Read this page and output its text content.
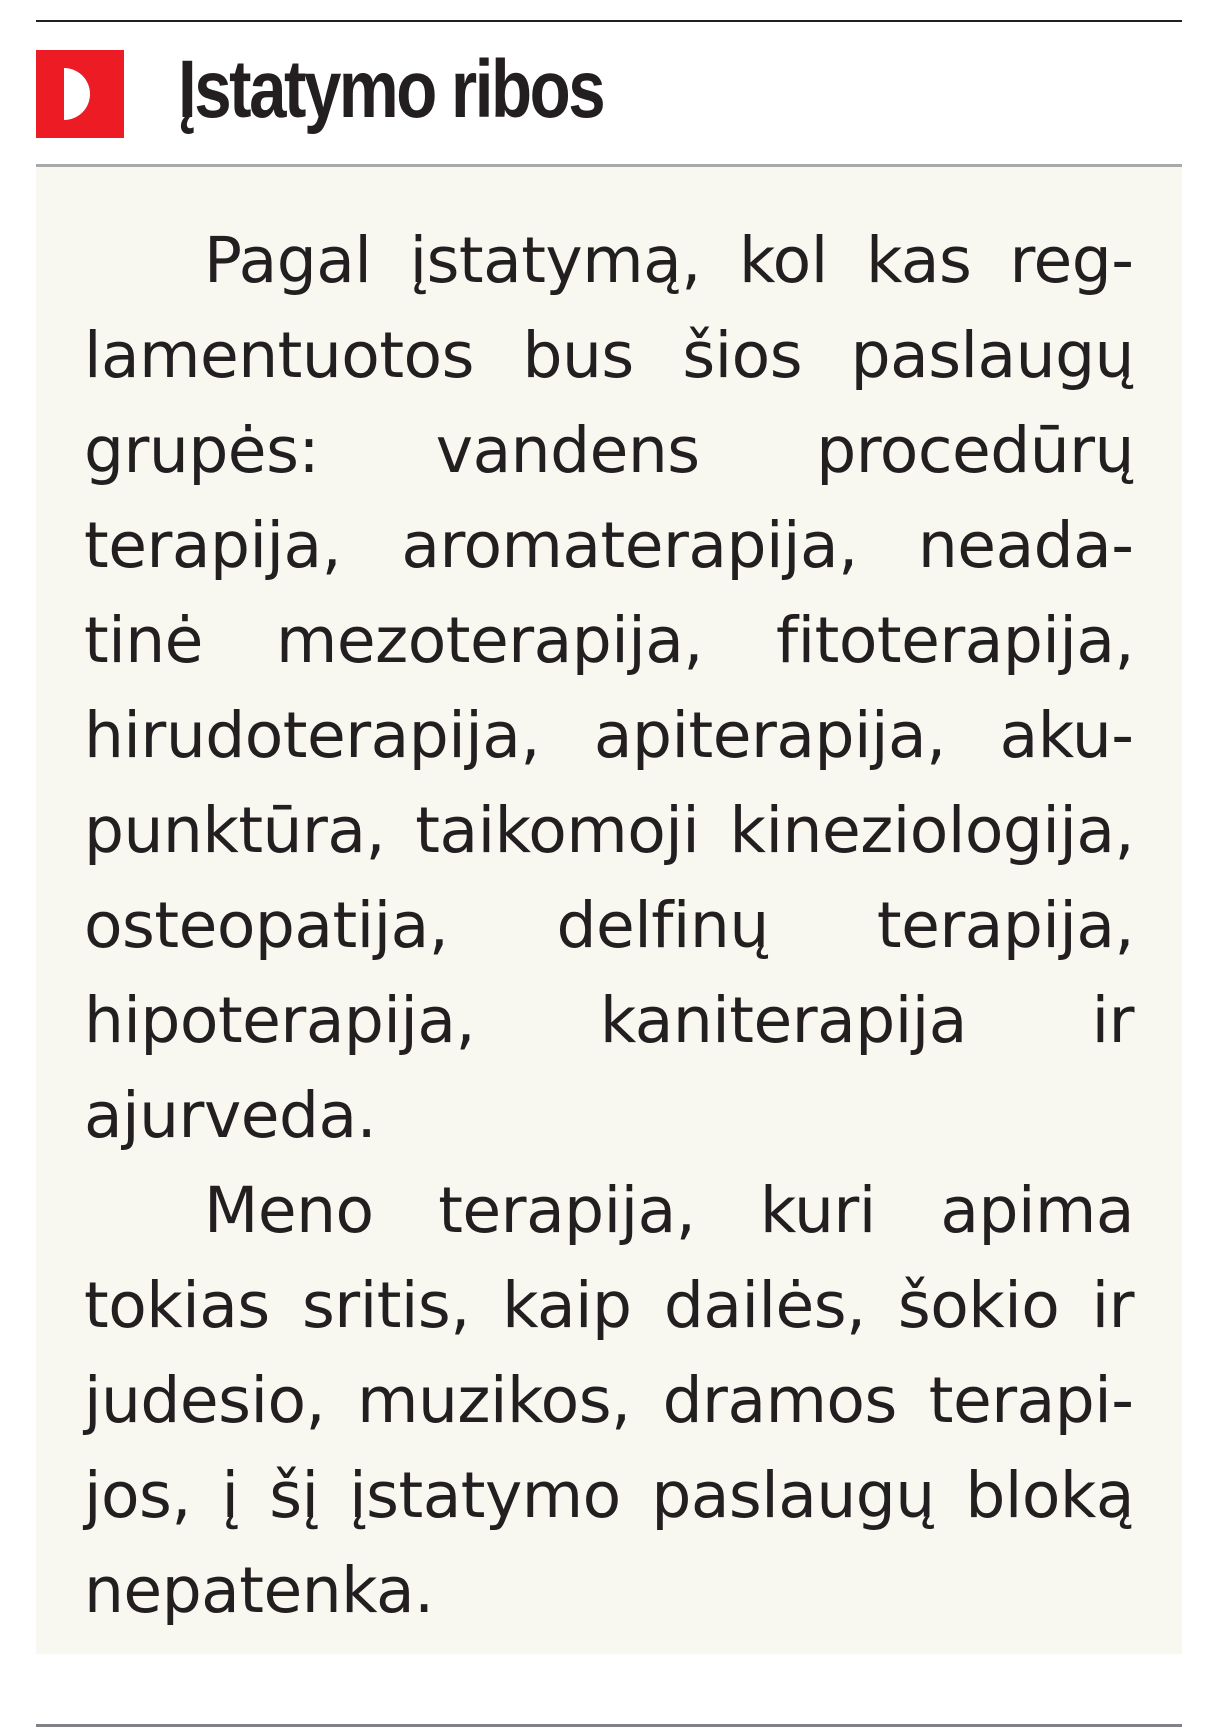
Įstatymo ribos

Pagal įstatymą, kol kas reglamentuotos bus šios paslaugų grupės: vandens procedūrų terapija, aromaterapija, neadatinė mezoterapija, fitoterapija, hirudoterapija, apiterapija, akupunktūra, taikomoji kineziologija, osteopatija, delfinų terapija, hipoterapija, kaniterapija ir ajurveda.

Meno terapija, kuri apima tokias sritis, kaip dailės, šokio ir judesio, muzikos, dramos terapijos, į šį įstatymo paslaugų bloką nepatenka.
